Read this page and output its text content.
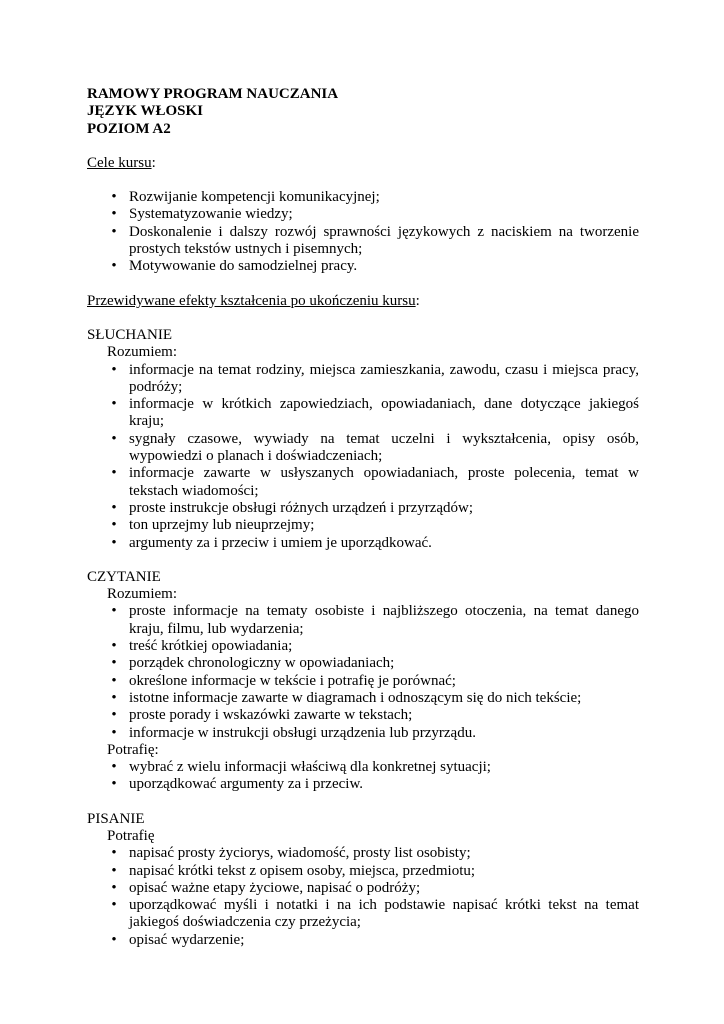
RAMOWY PROGRAM NAUCZANIA

JĘZYK WŁOSKI

POZIOM A2

Cele kursu:

• Rozwijanie kompetencji komunikacyjnej;
• Systematyzowanie wiedzy;
• Doskonalenie i dalszy rozwój sprawności językowych z naciskiem na tworzenie prostych tekstów ustnych i pisemnych;
• Motywowanie do samodzielnej pracy.

Przewidywane efekty kształcenia po ukończeniu kursu:

SŁUCHANIE

Rozumiem:

• informacje na temat rodziny, miejsca zamieszkania, zawodu, czasu i miejsca pracy, podróży;
• informacje w krótkich zapowiedziach, opowiadaniach, dane dotyczące jakiegoś kraju;
• sygnały czasowe, wywiady na temat uczelni i wykształcenia, opisy osób, wypowiedzi o planach i doświadczeniach;
• informacje zawarte w usłyszanych opowiadaniach, proste polecenia, temat w tekstach wiadomości;
• proste instrukcje obsługi różnych urządzeń i przyrządów;
• ton uprzejmy lub nieuprzejmy;
• argumenty za i przeciw i umiem je uporządkować.

CZYTANIE

Rozumiem:

• proste informacje na tematy osobiste i najbliższego otoczenia, na temat danego kraju, filmu, lub wydarzenia;
• treść krótkiej opowiadania;
• porządek chronologiczny w opowiadaniach;
• określone informacje w tekście i potrafię je porównać;
• istotne informacje zawarte w diagramach i odnoszącym się do nich tekście;
• proste porady i wskazówki zawarte w tekstach;
• informacje w instrukcji obsługi urządzenia lub przyrządu.

Potrafię:

• wybrać z wielu informacji właściwą dla konkretnej sytuacji;
• uporządkować argumenty za i przeciw.

PISANIE

Potrafię

• napisać prosty życiorys, wiadomość, prosty list osobisty;
• napisać krótki tekst z opisem osoby, miejsca, przedmiotu;
• opisać ważne etapy życiowe, napisać o podróży;
• uporządkować myśli i notatki i na ich podstawie napisać krótki tekst na temat jakiegoś doświadczenia czy przeżycia;
• opisać wydarzenie;
